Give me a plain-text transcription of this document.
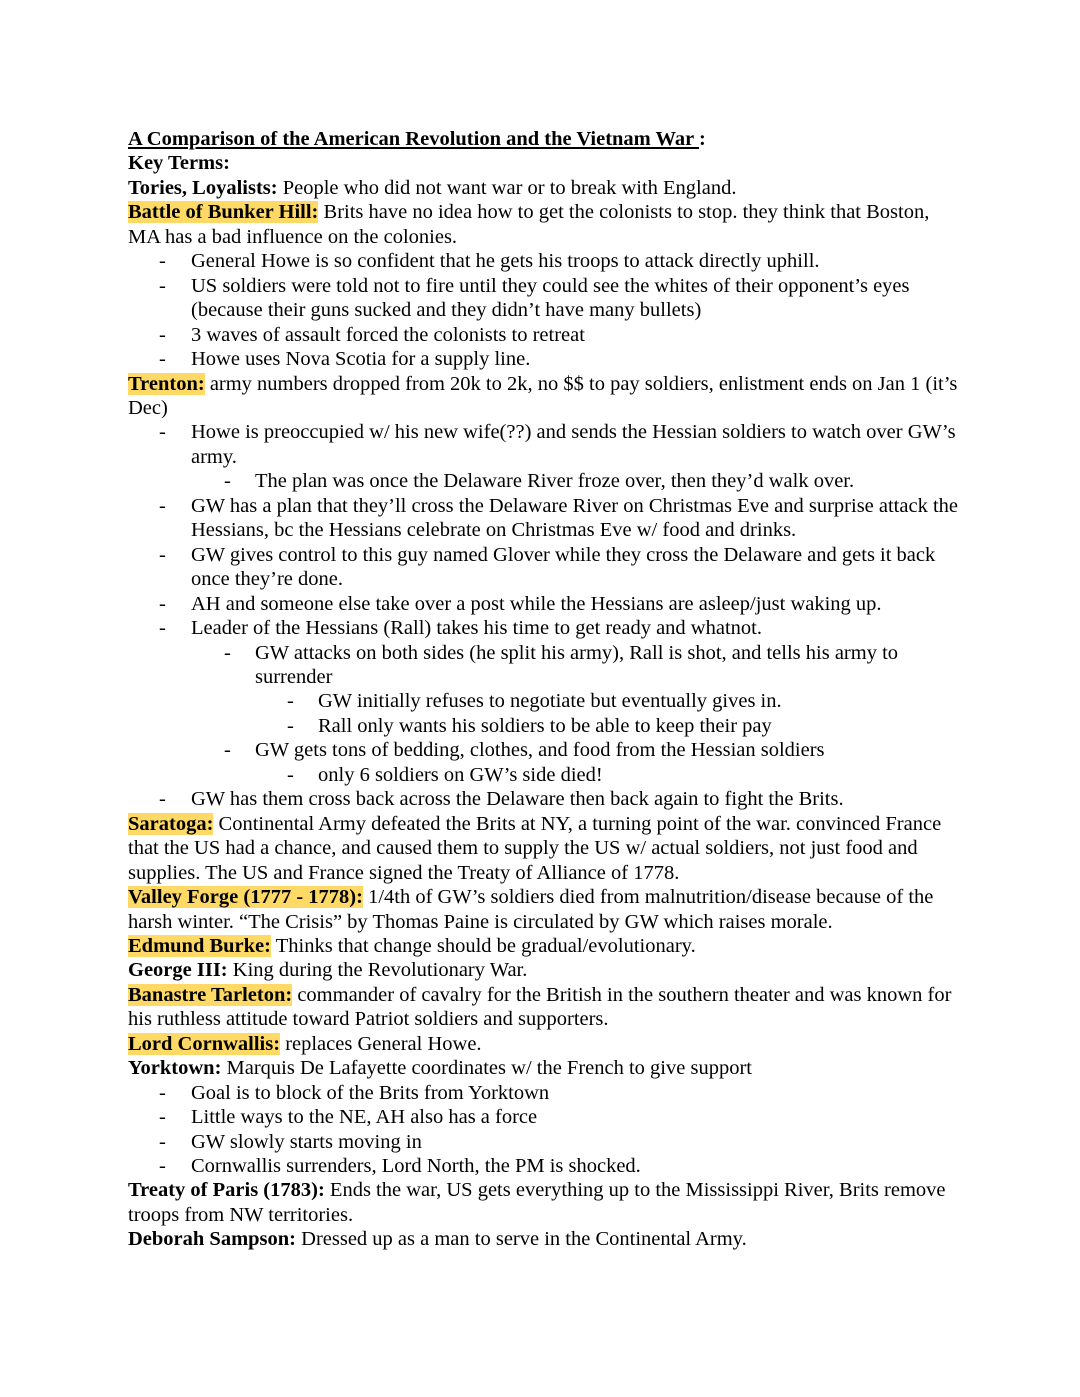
A Comparison of the American Revolution and the Vietnam War :
Key Terms:
Tories, Loyalists: People who did not want war or to break with England.
Battle of Bunker Hill: Brits have no idea how to get the colonists to stop. they think that Boston, MA has a bad influence on the colonies.
- General Howe is so confident that he gets his troops to attack directly uphill.
- US soldiers were told not to fire until they could see the whites of their opponent’s eyes (because their guns sucked and they didn’t have many bullets)
- 3 waves of assault forced the colonists to retreat
- Howe uses Nova Scotia for a supply line.
Trenton: army numbers dropped from 20k to 2k, no $$ to pay soldiers, enlistment ends on Jan 1 (it’s Dec)
- Howe is preoccupied w/ his new wife(??) and sends the Hessian soldiers to watch over GW’s army.
- The plan was once the Delaware River froze over, then they’d walk over.
- GW has a plan that they’ll cross the Delaware River on Christmas Eve and surprise attack the Hessians, bc the Hessians celebrate on Christmas Eve w/ food and drinks.
- GW gives control to this guy named Glover while they cross the Delaware and gets it back once they’re done.
- AH and someone else take over a post while the Hessians are asleep/just waking up.
- Leader of the Hessians (Rall) takes his time to get ready and whatnot.
- GW attacks on both sides (he split his army), Rall is shot, and tells his army to surrender
- GW initially refuses to negotiate but eventually gives in.
- Rall only wants his soldiers to be able to keep their pay
- GW gets tons of bedding, clothes, and food from the Hessian soldiers
- only 6 soldiers on GW’s side died!
- GW has them cross back across the Delaware then back again to fight the Brits.
Saratoga: Continental Army defeated the Brits at NY, a turning point of the war. convinced France that the US had a chance, and caused them to supply the US w/ actual soldiers, not just food and supplies. The US and France signed the Treaty of Alliance of 1778.
Valley Forge (1777 - 1778): 1/4th of GW’s soldiers died from malnutrition/disease because of the harsh winter. “The Crisis” by Thomas Paine is circulated by GW which raises morale.
Edmund Burke: Thinks that change should be gradual/evolutionary.
George III: King during the Revolutionary War.
Banastre Tarleton: commander of cavalry for the British in the southern theater and was known for his ruthless attitude toward Patriot soldiers and supporters.
Lord Cornwallis: replaces General Howe.
Yorktown: Marquis De Lafayette coordinates w/ the French to give support
- Goal is to block of the Brits from Yorktown
- Little ways to the NE, AH also has a force
- GW slowly starts moving in
- Cornwallis surrenders, Lord North, the PM is shocked.
Treaty of Paris (1783): Ends the war, US gets everything up to the Mississippi River, Brits remove troops from NW territories.
Deborah Sampson: Dressed up as a man to serve in the Continental Army.
